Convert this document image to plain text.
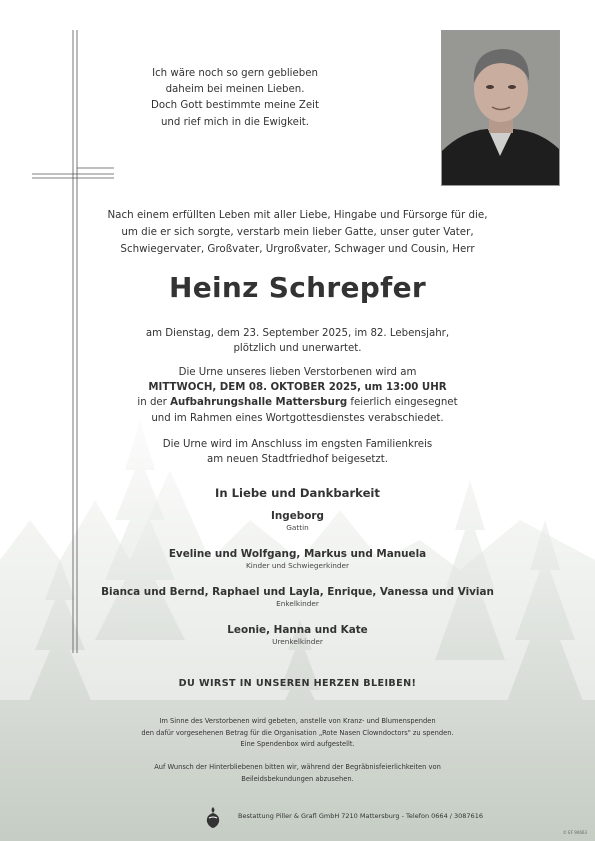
Ich wäre noch so gern geblieben
daheim bei meinen Lieben.
Doch Gott bestimmte meine Zeit
und rief mich in die Ewigkeit.
Nach einem erfüllten Leben mit aller Liebe, Hingabe und Fürsorge für die,
um die er sich sorgte, verstarb mein lieber Gatte, unser guter Vater,
Schwiegervater, Großvater, Urgroßvater, Schwager und Cousin, Herr
Heinz Schrepfer
am Dienstag, dem 23. September 2025, im 82. Lebensjahr,
plötzlich und unerwartet.
Die Urne unseres lieben Verstorbenen wird am
MITTWOCH, DEM 08. OKTOBER 2025, um 13:00 UHR
in der Aufbahrungshalle Mattersburg feierlich eingesegnet
und im Rahmen eines Wortgottesdienstes verabschiedet.
Die Urne wird im Anschluss im engsten Familienkreis
am neuen Stadtfriedhof beigesetzt.
In Liebe und Dankbarkeit
Ingeborg
Gattin
Eveline und Wolfgang, Markus und Manuela
Kinder und Schwiegerkinder
Bianca und Bernd, Raphael und Layla, Enrique, Vanessa und Vivian
Enkelkinder
Leonie, Hanna und Kate
Urenkelkinder
DU WIRST IN UNSEREN HERZEN BLEIBEN!
Im Sinne des Verstorbenen wird gebeten, anstelle von Kranz- und Blumenspenden
den dafür vorgesehenen Betrag für die Organisation „Rote Nasen Clowndoctors" zu spenden.
Eine Spendenbox wird aufgestellt.
Auf Wunsch der Hinterbliebenen bitten wir, während der Begräbnisfeierlichkeiten von
Beileidsbekundungen abzusehen.
Bestattung Piller & Grafl GmbH 7210 Mattersburg - Telefon 0664 / 3087616
© EF 90663
